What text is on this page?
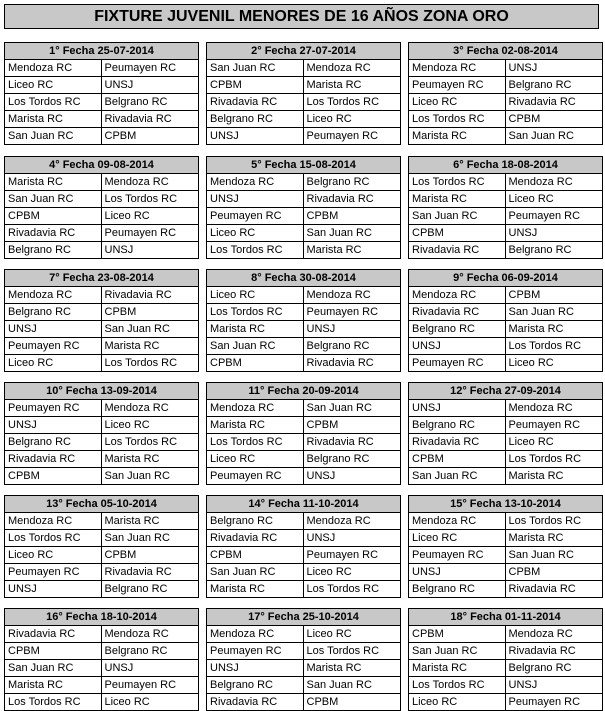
FIXTURE JUVENIL MENORES DE 16 AÑOS ZONA ORO
1° Fecha 25-07-2014
Mendoza RC	Peumayen RC
Liceo RC	UNSJ
Los Tordos RC	Belgrano RC
Marista RC	Rivadavia RC
San Juan RC	CPBM
2° Fecha 27-07-2014
San Juan RC	Mendoza RC
CPBM	Marista RC
Rivadavia RC	Los Tordos RC
Belgrano RC	Liceo RC
UNSJ	Peumayen RC
3° Fecha 02-08-2014
Mendoza RC	UNSJ
Peumayen RC	Belgrano RC
Liceo RC	Rivadavia RC
Los Tordos RC	CPBM
Marista RC	San Juan RC
4° Fecha 09-08-2014
Marista RC	Mendoza RC
San Juan RC	Los Tordos RC
CPBM	Liceo RC
Rivadavia RC	Peumayen RC
Belgrano RC	UNSJ
5° Fecha 15-08-2014
Mendoza RC	Belgrano RC
UNSJ	Rivadavia RC
Peumayen RC	CPBM
Liceo RC	San Juan RC
Los Tordos RC	Marista RC
6° Fecha 18-08-2014
Los Tordos RC	Mendoza RC
Marista RC	Liceo RC
San Juan RC	Peumayen RC
CPBM	UNSJ
Rivadavia RC	Belgrano RC
7° Fecha 23-08-2014
Mendoza RC	Rivadavia RC
Belgrano RC	CPBM
UNSJ	San Juan RC
Peumayen RC	Marista RC
Liceo RC	Los Tordos RC
8° Fecha 30-08-2014
Liceo RC	Mendoza RC
Los Tordos RC	Peumayen RC
Marista RC	UNSJ
San Juan RC	Belgrano RC
CPBM	Rivadavia RC
9° Fecha 06-09-2014
Mendoza RC	CPBM
Rivadavia RC	San Juan RC
Belgrano RC	Marista RC
UNSJ	Los Tordos RC
Peumayen RC	Liceo RC
10° Fecha 13-09-2014
Peumayen RC	Mendoza RC
UNSJ	Liceo RC
Belgrano RC	Los Tordos RC
Rivadavia RC	Marista RC
CPBM	San Juan RC
11° Fecha 20-09-2014
Mendoza RC	San Juan RC
Marista RC	CPBM
Los Tordos RC	Rivadavia RC
Liceo RC	Belgrano RC
Peumayen RC	UNSJ
12° Fecha 27-09-2014
UNSJ	Mendoza RC
Belgrano RC	Peumayen RC
Rivadavia RC	Liceo RC
CPBM	Los Tordos RC
San Juan RC	Marista RC
13° Fecha 05-10-2014
Mendoza RC	Marista RC
Los Tordos RC	San Juan RC
Liceo RC	CPBM
Peumayen RC	Rivadavia RC
UNSJ	Belgrano RC
14° Fecha 11-10-2014
Belgrano RC	Mendoza RC
Rivadavia RC	UNSJ
CPBM	Peumayen RC
San Juan RC	Liceo RC
Marista RC	Los Tordos RC
15° Fecha 13-10-2014
Mendoza RC	Los Tordos RC
Liceo RC	Marista RC
Peumayen RC	San Juan RC
UNSJ	CPBM
Belgrano RC	Rivadavia RC
16° Fecha 18-10-2014
Rivadavia RC	Mendoza RC
CPBM	Belgrano RC
San Juan RC	UNSJ
Marista RC	Peumayen RC
Los Tordos RC	Liceo RC
17° Fecha 25-10-2014
Mendoza RC	Liceo RC
Peumayen RC	Los Tordos RC
UNSJ	Marista RC
Belgrano RC	San Juan RC
Rivadavia RC	CPBM
18° Fecha 01-11-2014
CPBM	Mendoza RC
San Juan RC	Rivadavia RC
Marista RC	Belgrano RC
Los Tordos RC	UNSJ
Liceo RC	Peumayen RC
